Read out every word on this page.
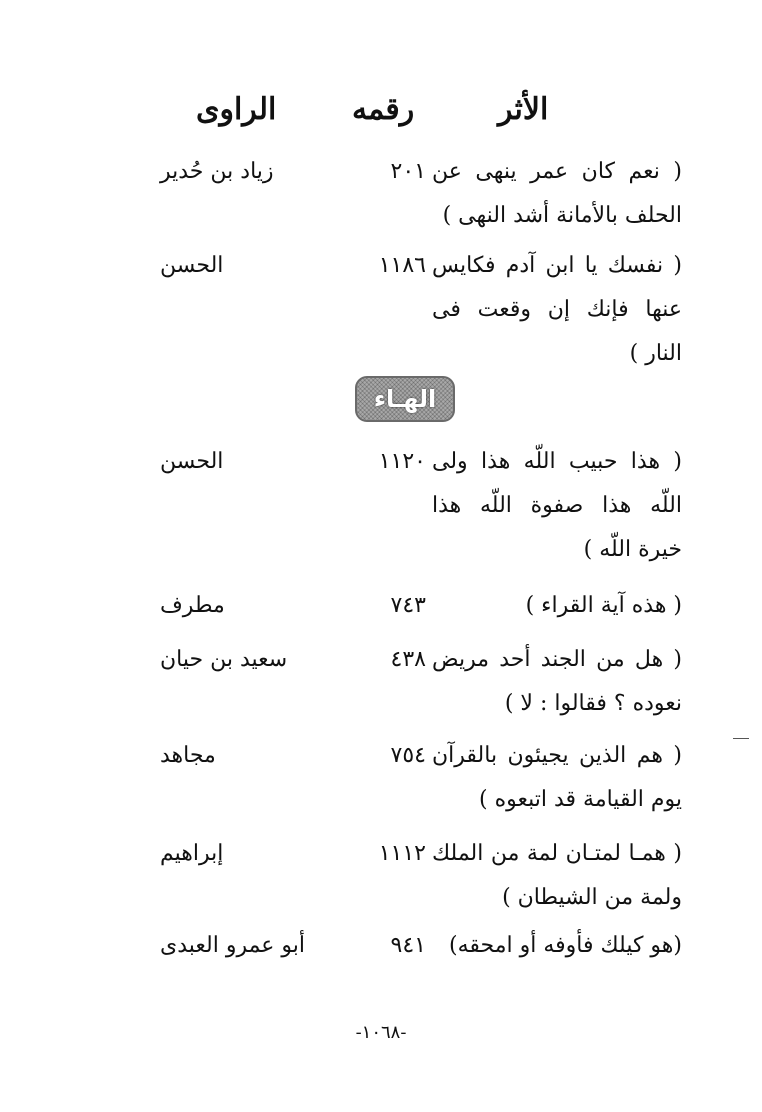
الأثر
رقمه
الراوى
( نعم كان عمر ينهى عن الحلف بالأمانة أشد النهى )
٢٠١
زياد بن حُدير
( نفسك يا ابن آدم فكايس عنها فإنك إن وقعت فى النار )
١١٨٦
الحسن
الهـاء
( هذا حبيب اللّه هذا ولى اللّه هذا صفوة اللّه هذا خيرة اللّه )
١١٢٠
الحسن
( هذه آية القراء )
٧٤٣
مطرف
( هل من الجند أحد مريض نعوده ؟ فقالوا : لا )
٤٣٨
سعيد بن حيان
( هم الذين يجيئون بالقرآن يوم القيامة قد اتبعوه )
٧٥٤
مجاهد
( همـا لمتـان لمة من الملك ولمة من الشيطان )
١١١٢
إبراهيم
(هو كيلك فأوفه أو امحقه)
٩٤١
أبو عمرو العبدى
-١٠٦٨-
